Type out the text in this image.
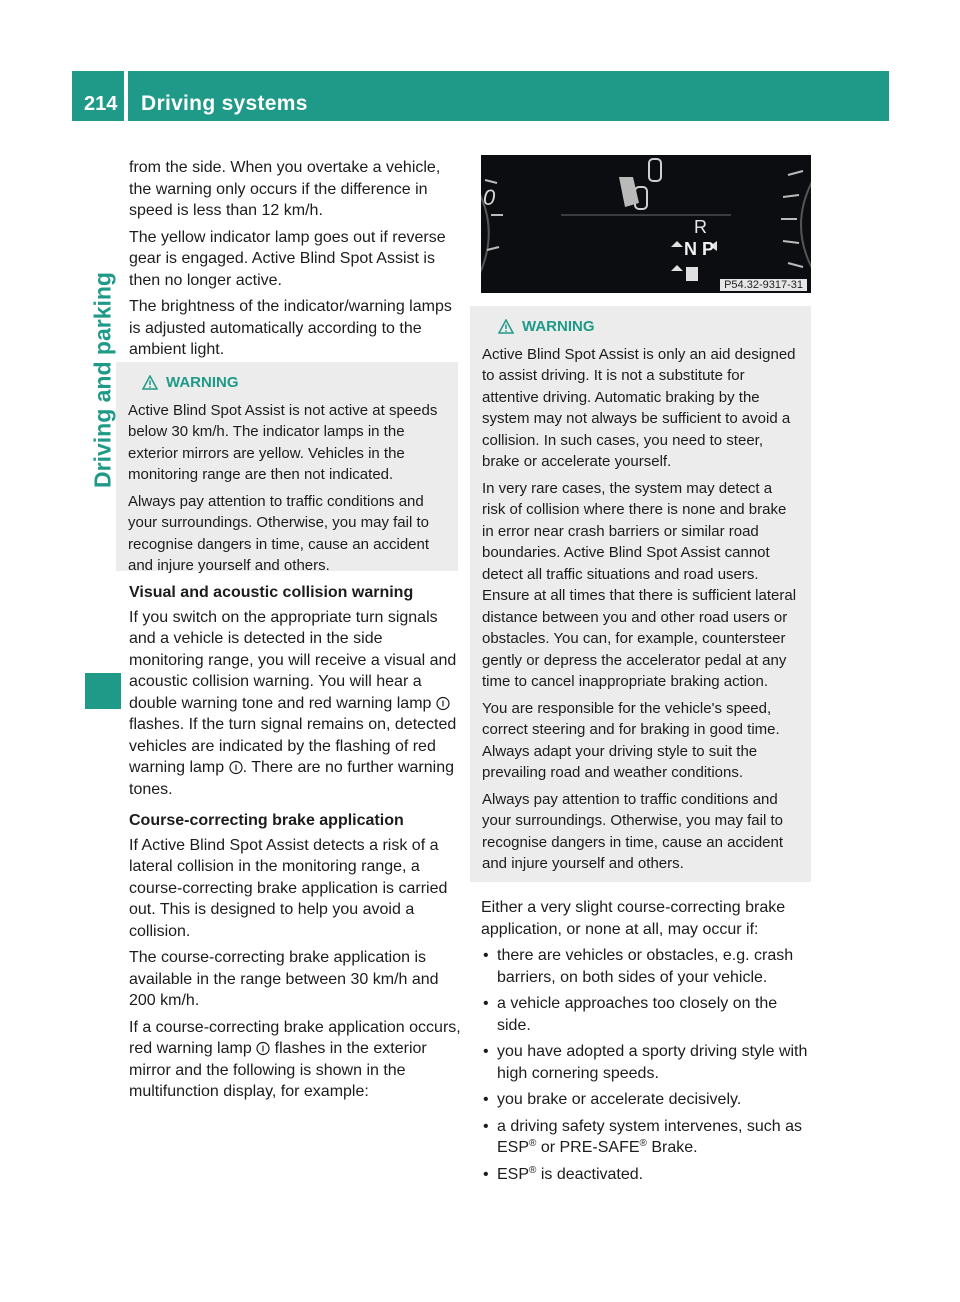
214	Driving systems
Driving and parking

from the side. When you overtake a vehicle, the warning only occurs if the difference in speed is less than 12 km/h.

The yellow indicator lamp goes out if reverse gear is engaged. Active Blind Spot Assist is then no longer active.

The brightness of the indicator/warning lamps is adjusted automatically according to the ambient light.

WARNING

Active Blind Spot Assist is not active at speeds below 30 km/h. The indicator lamps in the exterior mirrors are yellow. Vehicles in the monitoring range are then not indicated.

Always pay attention to traffic conditions and your surroundings. Otherwise, you may fail to recognise dangers in time, cause an accident and injure yourself and others.

Visual and acoustic collision warning

If you switch on the appropriate turn signals and a vehicle is detected in the side monitoring range, you will receive a visual and acoustic collision warning. You will hear a double warning tone and red warning lamp  flashes. If the turn signal remains on, detected vehicles are indicated by the flashing of red warning lamp . There are no further warning tones.

Course-correcting brake application

If Active Blind Spot Assist detects a risk of a lateral collision in the monitoring range, a course-correcting brake application is carried out. This is designed to help you avoid a collision.

The course-correcting brake application is available in the range between 30 km/h and 200 km/h.

If a course-correcting brake application occurs, red warning lamp flashes in the exterior mirror and the following is shown in the multifunction display, for example:

0
R
N P
P54.32-9317-31
WARNING

Active Blind Spot Assist is only an aid designed to assist driving. It is not a substitute for attentive driving. Automatic braking by the system may not always be sufficient to avoid a collision. In such cases, you need to steer, brake or accelerate yourself.

In very rare cases, the system may detect a risk of collision where there is none and brake in error near crash barriers or similar road boundaries. Active Blind Spot Assist cannot detect all traffic situations and road users. Ensure at all times that there is sufficient lateral distance between you and other road users or obstacles. You can, for example, countersteer gently or depress the accelerator pedal at any time to cancel inappropriate braking action.

You are responsible for the vehicle's speed, correct steering and for braking in good time. Always adapt your driving style to suit the prevailing road and weather conditions.

Always pay attention to traffic conditions and your surroundings. Otherwise, you may fail to recognise dangers in time, cause an accident and injure yourself and others.

Either a very slight course-correcting brake application, or none at all, may occur if:

• there are vehicles or obstacles, e.g. crash barriers, on both sides of your vehicle.
• a vehicle approaches too closely on the side.
• you have adopted a sporty driving style with high cornering speeds.
• you brake or accelerate decisively.
• a driving safety system intervenes, such as ESP® or PRE-SAFE® Brake.
• ESP® is deactivated.
